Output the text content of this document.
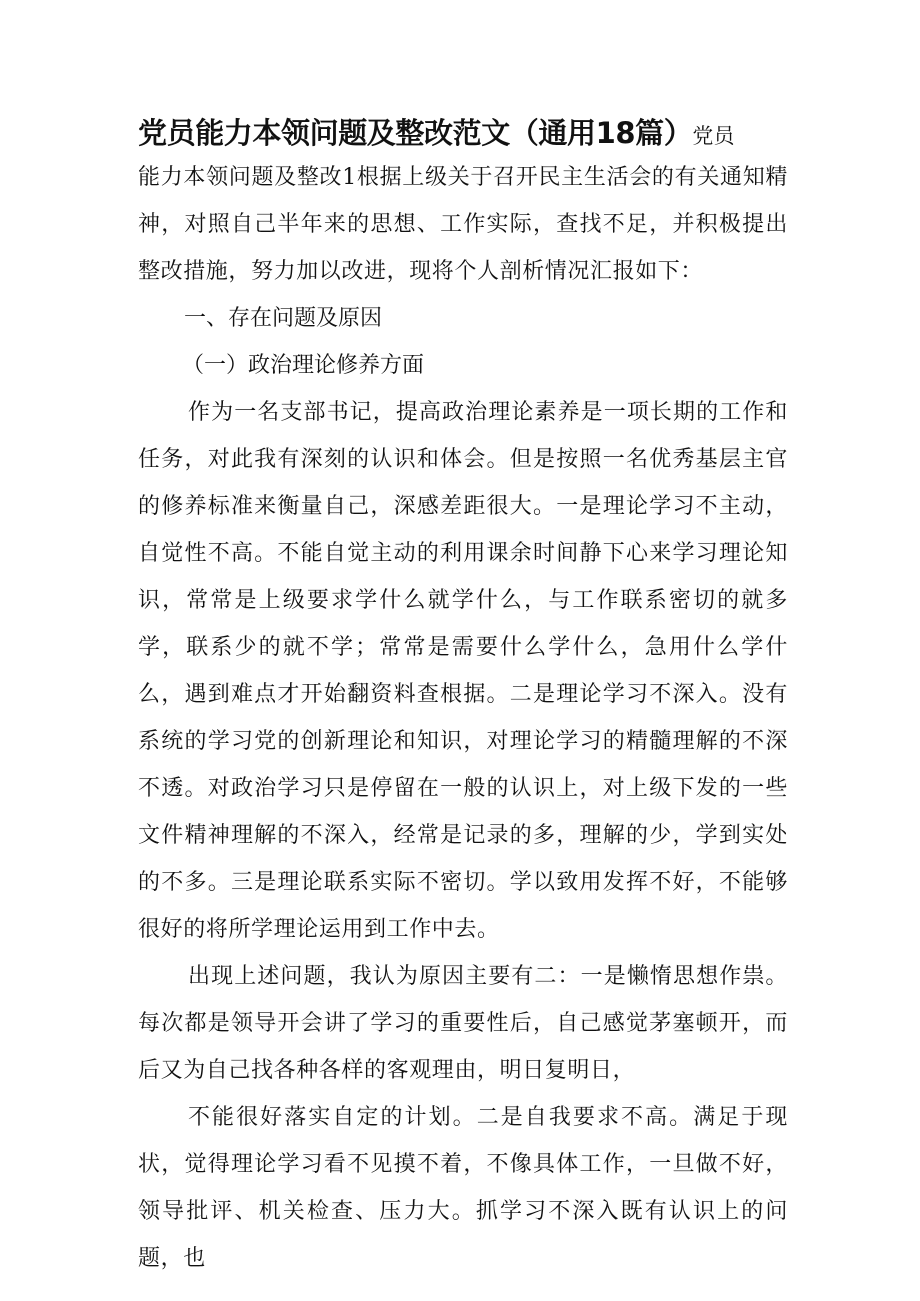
党员能力本领问题及整改范文（通用18篇）党员

能力本领问题及整改1根据上级关于召开民主生活会的有关通知精神，对照自己半年来的思想、工作实际，查找不足，并积极提出整改措施，努力加以改进，现将个人剖析情况汇报如下：

一、存在问题及原因

（一）政治理论修养方面

作为一名支部书记，提高政治理论素养是一项长期的工作和任务，对此我有深刻的认识和体会。但是按照一名优秀基层主官的修养标准来衡量自己，深感差距很大。一是理论学习不主动，自觉性不高。不能自觉主动的利用课余时间静下心来学习理论知识，常常是上级要求学什么就学什么，与工作联系密切的就多学，联系少的就不学；常常是需要什么学什么，急用什么学什么，遇到难点才开始翻资料查根据。二是理论学习不深入。没有系统的学习党的创新理论和知识，对理论学习的精髓理解的不深不透。对政治学习只是停留在一般的认识上，对上级下发的一些文件精神理解的不深入，经常是记录的多，理解的少，学到实处的不多。三是理论联系实际不密切。学以致用发挥不好，不能够很好的将所学理论运用到工作中去。

出现上述问题，我认为原因主要有二：一是懒惰思想作祟。每次都是领导开会讲了学习的重要性后，自己感觉茅塞顿开，而后又为自己找各种各样的客观理由，明日复明日，

不能很好落实自定的计划。二是自我要求不高。满足于现状，觉得理论学习看不见摸不着，不像具体工作，一旦做不好，领导批评、机关检查、压力大。抓学习不深入既有认识上的问题，也
